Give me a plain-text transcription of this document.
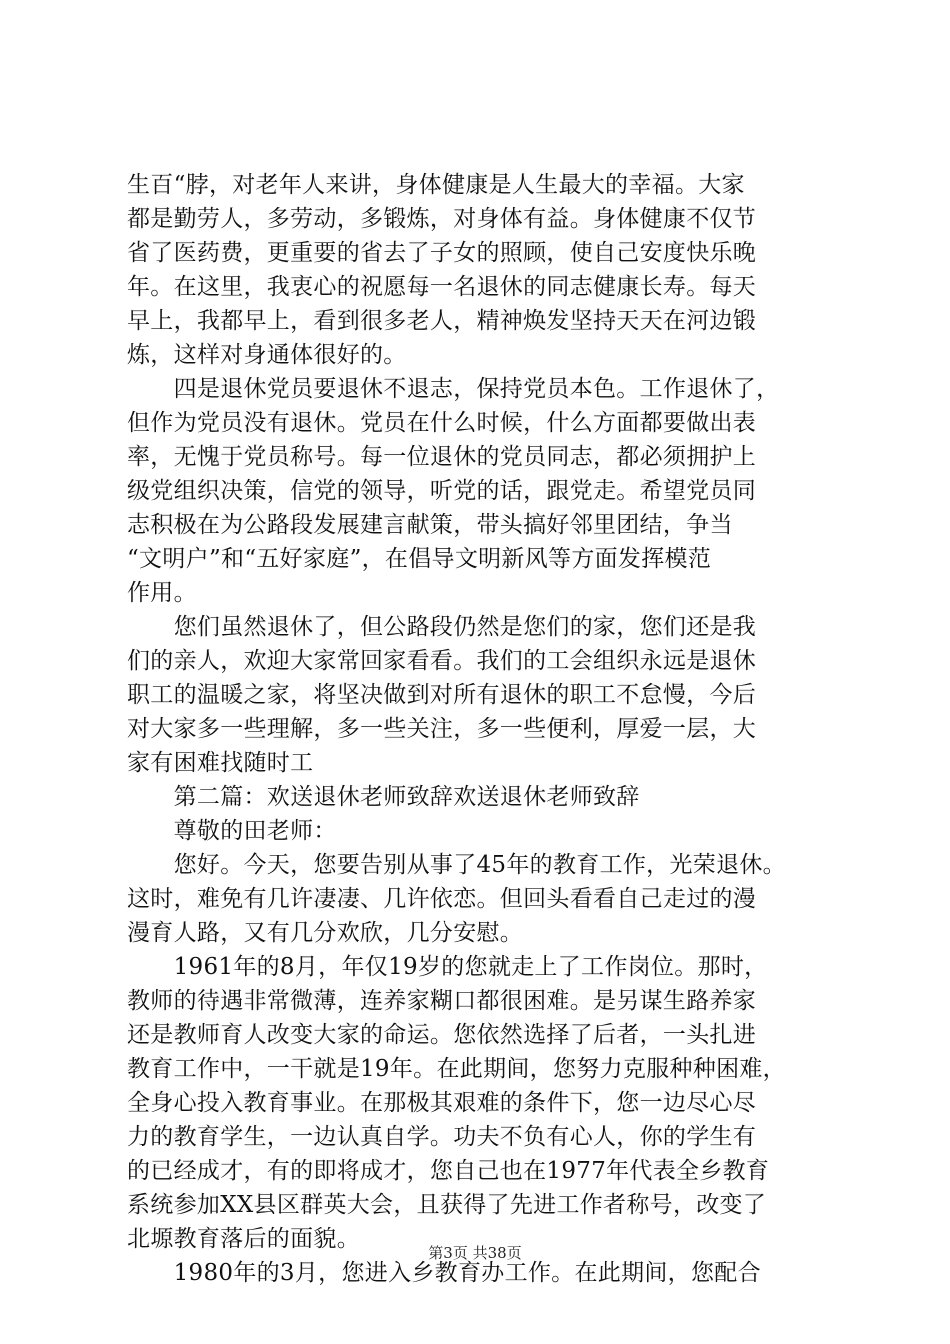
生百“脖，对老年人来讲，身体健康是人生最大的幸福。大家
都是勤劳人，多劳动，多锻炼，对身体有益。身体健康不仅节
省了医药费，更重要的省去了子女的照顾，使自己安度快乐晚
年。在这里，我衷心的祝愿每一名退休的同志健康长寿。每天
早上，我都早上，看到很多老人，精神焕发坚持天天在河边锻
炼，这样对身通体很好的。
　　四是退休党员要退休不退志，保持党员本色。工作退休了，
但作为党员没有退休。党员在什么时候，什么方面都要做出表
率，无愧于党员称号。每一位退休的党员同志，都必须拥护上
级党组织决策，信党的领导，听党的话，跟党走。希望党员同
志积极在为公路段发展建言献策，带头搞好邻里团结，争当
“文明户”和“五好家庭”，在倡导文明新风等方面发挥模范
作用。
　　您们虽然退休了，但公路段仍然是您们的家，您们还是我
们的亲人，欢迎大家常回家看看。我们的工会组织永远是退休
职工的温暖之家，将坚决做到对所有退休的职工不怠慢，今后
对大家多一些理解，多一些关注，多一些便利，厚爱一层，大
家有困难找随时工
　　第二篇：欢送退休老师致辞欢送退休老师致辞
　　尊敬的田老师：
　　您好。今天，您要告别从事了45年的教育工作，光荣退休。
这时，难免有几许凄凄、几许依恋。但回头看看自己走过的漫
漫育人路，又有几分欢欣，几分安慰。
　　1961年的8月，年仅19岁的您就走上了工作岗位。那时，
教师的待遇非常微薄，连养家糊口都很困难。是另谋生路养家
还是教师育人改变大家的命运。您依然选择了后者，一头扎进
教育工作中，一干就是19年。在此期间，您努力克服种种困难，
全身心投入教育事业。在那极其艰难的条件下，您一边尽心尽
力的教育学生，一边认真自学。功夫不负有心人，你的学生有
的已经成才，有的即将成才，您自己也在1977年代表全乡教育
系统参加XX县区群英大会，且获得了先进工作者称号，改变了
北塬教育落后的面貌。
　　1980年的3月，您进入乡教育办工作。在此期间，您配合
第3页 共38页
